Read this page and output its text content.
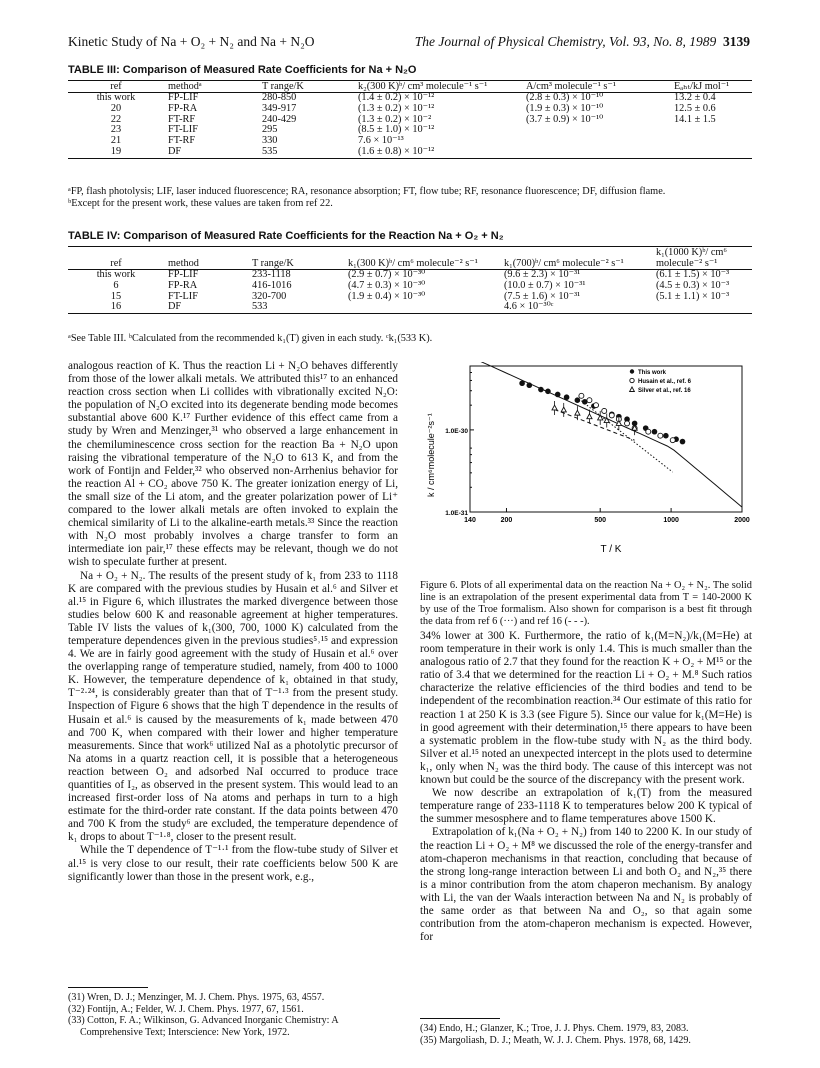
Kinetic Study of Na + O₂ + N₂ and Na + N₂O	The Journal of Physical Chemistry, Vol. 93, No. 8, 1989 3139
TABLE III: Comparison of Measured Rate Coefficients for Na + N₂O
ref	methodᵃ	T range/K	k₂(300 K)ᵇ/ cm³ molecule⁻¹ s⁻¹	A/cm³ molecule⁻¹ s⁻¹	Eₐₕₜ/kJ mol⁻¹
this work	FP-LIF	280-850	(1.4 ± 0.2) × 10⁻¹²	(2.8 ± 0.3) × 10⁻¹⁰	13.2 ± 0.4
20	FP-RA	349-917	(1.3 ± 0.2) × 10⁻¹²	(1.9 ± 0.3) × 10⁻¹⁰	12.5 ± 0.6
22	FT-RF	240-429	(1.3 ± 0.2) × 10⁻²	(3.7 ± 0.9) × 10⁻¹⁰	14.1 ± 1.5
23	FT-LIF	295	(8.5 ± 1.0) × 10⁻¹²		
21	FT-RF	330	7.6 × 10⁻¹³		
19	DF	535	(1.6 ± 0.8) × 10⁻¹²		

ᵃFP, flash photolysis; LIF, laser induced fluorescence; RA, resonance absorption; FT, flow tube; RF, resonance fluorescence; DF, diffusion flame.
ᵇExcept for the present work, these values are taken from ref 22.
TABLE IV: Comparison of Measured Rate Coefficients for the Reaction Na + O₂ + N₂
ref	method	T range/K	k₁(300 K)ᵇ/ cm⁶ molecule⁻² s⁻¹	k₁(700)ᵇ/ cm⁶ molecule⁻² s⁻¹	k₁(1000 K)ᵇ/ cm⁶ molecule⁻² s⁻¹
this work	FP-LIF	233-1118	(2.9 ± 0.7) × 10⁻³⁰	(9.6 ± 2.3) × 10⁻³¹	(6.1 ± 1.5) × 10⁻³
6	FP-RA	416-1016	(4.7 ± 0.3) × 10⁻³⁰	(10.0 ± 0.7) × 10⁻³¹	(4.5 ± 0.3) × 10⁻³
15	FT-LIF	320-700	(1.9 ± 0.4) × 10⁻³⁰	(7.5 ± 1.6) × 10⁻³¹	(5.1 ± 1.1) × 10⁻³
16	DF	533		4.6 × 10⁻³⁰ᶜ	

ᵃSee Table III. ᵇCalculated from the recommended k₁(T) given in each study. ᶜk₁(533 K).

analogous reaction of K. Thus the reaction Li + N₂O behaves differently from those of the lower alkali metals. We attributed this¹⁷ to an enhanced reaction cross section when Li collides with vibrationally excited N₂O: the population of N₂O excited into its degenerate bending mode becomes substantial above 600 K.¹⁷ Further evidence of this effect came from a study by Wren and Menzinger,³¹ who observed a large enhancement in the chemiluminescence cross section for the reaction Ba + N₂O upon raising the vibrational temperature of the N₂O to 613 K, and from the work of Fontijn and Felder,³² who observed non-Arrhenius behavior for the reaction Al + CO₂ above 750 K. The greater ionization energy of Li, the small size of the Li atom, and the greater polarization power of Li⁺ compared to the lower alkali metals are often invoked to explain the chemical similarity of Li to the alkaline-earth metals.³³ Since the reaction with N₂O most probably involves a charge transfer to form an intermediate ion pair,¹⁷ these effects may be relevant, though we do not wish to speculate further at present.

Na + O₂ + N₂. The results of the present study of k₁ from 233 to 1118 K are compared with the previous studies by Husain et al.⁶ and Silver et al.¹⁵ in Figure 6, which illustrates the marked divergence between those studies below 600 K and reasonable agreement at higher temperatures. Table IV lists the values of k₁(300, 700, 1000 K) calculated from the temperature dependences given in the previous studies⁵˒¹⁵ and expression 4. We are in fairly good agreement with the study of Husain et al.⁶ over the overlapping range of temperature studied, namely, from 400 to 1000 K. However, the temperature dependence of k₁ obtained in that study, T⁻²·²⁴, is considerably greater than that of T⁻¹·³ from the present study. Inspection of Figure 6 shows that the high T dependence in the results of Husain et al.⁶ is caused by the measurements of k₁ made between 470 and 700 K, when compared with their lower and higher temperature measurements. Since that work⁶ utilized NaI as a photolytic precursor of Na atoms in a quartz reaction cell, it is possible that a heterogeneous reaction between O₂ and adsorbed NaI occurred to produce trace quantities of I₂, as observed in the present system. This would lead to an increased first-order loss of Na atoms and perhaps in turn to a high estimate for the third-order rate constant. If the data points between 470 and 700 K from the study⁶ are excluded, the temperature dependence of k₁ drops to about T⁻¹·⁸, closer to the present result.

While the T dependence of T⁻¹·¹ from the flow-tube study of Silver et al.¹⁵ is very close to our result, their rate coefficients below 500 K are significantly lower than those in the present work, e.g.,

140	200	500	1000	2000
1.0E-30
1.0E-31
k / cm⁶molecule⁻²s⁻¹
T / K
This work
Husain et al., ref. 6
Silver et al., ref. 16
Figure 6. Plots of all experimental data on the reaction Na + O₂ + N₂. The solid line is an extrapolation of the present experimental data from T = 140-2000 K by use of the Troe formalism. Also shown for comparison is a best fit through the data from ref 6 (···) and ref 16 (- - -).

34% lower at 300 K. Furthermore, the ratio of k₁(M=N₂)/k₁(M=He) at room temperature in their work is only 1.4. This is much smaller than the analogous ratio of 2.7 that they found for the reaction K + O₂ + M¹⁵ or the ratio of 3.4 that we determined for the reaction Li + O₂ + M.⁸ Such ratios characterize the relative efficiencies of the third bodies and tend to be independent of the recombination reaction.³⁴ Our estimate of this ratio for reaction 1 at 250 K is 3.3 (see Figure 5). Since our value for k₁(M=He) is in good agreement with their determination,¹⁵ there appears to have been a systematic problem in the flow-tube study with N₂ as the third body. Silver et al.¹⁵ noted an unexpected intercept in the plots used to determine k₁, only when N₂ was the third body. The cause of this intercept was not known but could be the source of the discrepancy with the present work.

We now describe an extrapolation of k₁(T) from the measured temperature range of 233-1118 K to temperatures below 200 K typical of the summer mesosphere and to flame temperatures above 1500 K.

Extrapolation of k₁(Na + O₂ + N₂) from 140 to 2200 K. In our study of the reaction Li + O₂ + M⁸ we discussed the role of the energy-transfer and atom-chaperon mechanisms in that reaction, concluding that because of the strong long-range interaction between Li and both O₂ and N₂,³⁵ there is a minor contribution from the atom chaperon mechanism. By analogy with Li, the van der Waals interaction between Na and N₂ is probably of the same order as that between Na and O₂, so that again some contribution from the atom-chaperon mechanism is expected. However, for

(31) Wren, D. J.; Menzinger, M. J. Chem. Phys. 1975, 63, 4557.
(32) Fontijn, A.; Felder, W. J. Chem. Phys. 1977, 67, 1561.
(33) Cotton, F. A.; Wilkinson, G. Advanced Inorganic Chemistry: A Comprehensive Text; Interscience: New York, 1972.	(34) Endo, H.; Glanzer, K.; Troe, J. J. Phys. Chem. 1979, 83, 2083.
(35) Margoliash, D. J.; Meath, W. J. J. Chem. Phys. 1978, 68, 1429.
